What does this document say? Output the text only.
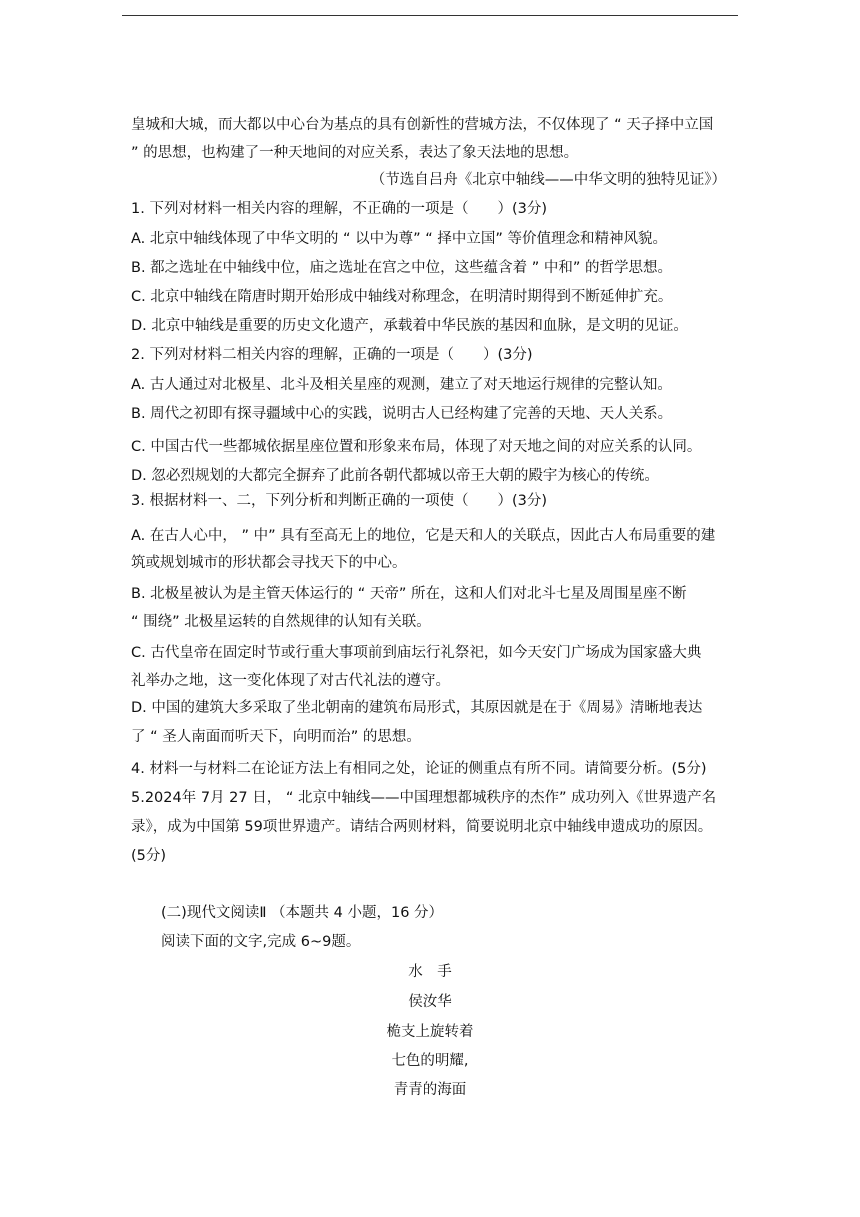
皇城和大城，而大都以中心台为基点的具有创新性的营城方法，不仅体现了 “ 天子择中立国
” 的思想，也构建了一种天地间的对应关系，表达了象天法地的思想。
（节选自吕舟《北京中轴线——中华文明的独特见证》）
1. 下列对材料一相关内容的理解，不正确的一项是（　　）(3分)
A. 北京中轴线体现了中华文明的 “ 以中为尊” “ 择中立国” 等价值理念和精神风貌。
B. 都之选址在中轴线中位，庙之选址在宫之中位，这些蕴含着 ” 中和” 的哲学思想。
C. 北京中轴线在隋唐时期开始形成中轴线对称理念，在明清时期得到不断延伸扩充。
D. 北京中轴线是重要的历史文化遗产，承载着中华民族的基因和血脉，是文明的见证。
2. 下列对材料二相关内容的理解，正确的一项是（　　）(3分)
A. 古人通过对北极星、北斗及相关星座的观测，建立了对天地运行规律的完整认知。
B. 周代之初即有探寻疆域中心的实践，说明古人已经构建了完善的天地、天人关系。
C. 中国古代一些都城依据星座位置和形象来布局，体现了对天地之间的对应关系的认同。
D. 忽必烈规划的大都完全摒弃了此前各朝代都城以帝王大朝的殿宇为核心的传统。
3. 根据材料一、二，下列分析和判断正确的一项使（　　）(3分)
A. 在古人心中， ” 中” 具有至高无上的地位，它是天和人的关联点，因此古人布局重要的建
筑或规划城市的形状都会寻找天下的中心。
B. 北极星被认为是主管天体运行的 “ 天帝” 所在，这和人们对北斗七星及周围星座不断
“ 围绕” 北极星运转的自然规律的认知有关联。
C. 古代皇帝在固定时节或行重大事项前到庙坛行礼祭祀，如今天安门广场成为国家盛大典
礼举办之地，这一变化体现了对古代礼法的遵守。
D. 中国的建筑大多采取了坐北朝南的建筑布局形式，其原因就是在于《周易》清晰地表达
了 “ 圣人南面而听天下，向明而治” 的思想。
4. 材料一与材料二在论证方法上有相同之处，论证的侧重点有所不同。请简要分析。(5分)
5.2024年 7月 27 日， “ 北京中轴线——中国理想都城秩序的杰作” 成功列入《世界遗产名
录》，成为中国第 59项世界遗产。请结合两则材料，简要说明北京中轴线申遗成功的原因。
(5分)
(二)现代文阅读Ⅱ （本题共 4 小题，16 分）
阅读下面的文字,完成 6~9题。
水　手
侯汝华
桅支上旋转着
七色的明耀,
青青的海面
